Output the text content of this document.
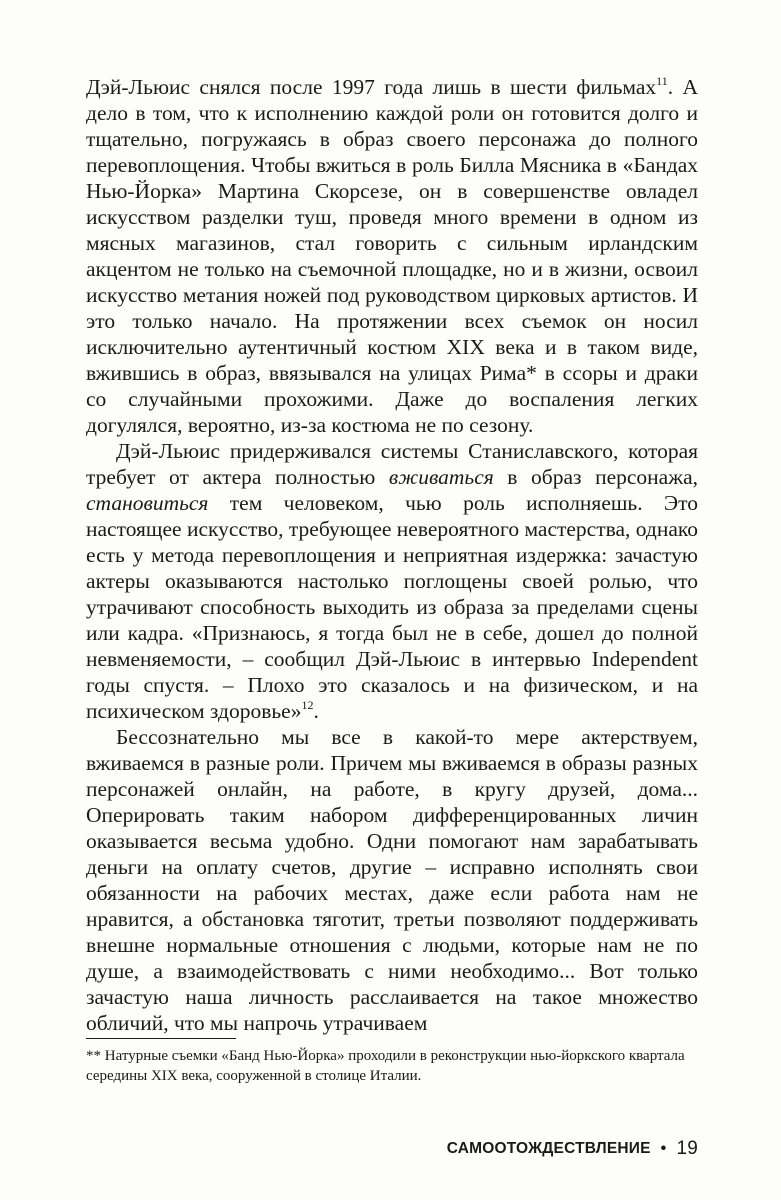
Дэй-Льюис снялся после 1997 года лишь в шести фильмах$^{11}$. А дело в том, что к исполнению каждой роли он готовится долго и тщательно, погружаясь в образ своего персонажа до полного перевоплощения. Чтобы вжиться в роль Билла Мясника в «Бандах Нью-Йорка» Мартина Скорсезе, он в совершенстве овладел искусством разделки туш, проведя много времени в одном из мясных магазинов, стал говорить с сильным ирландским акцентом не только на съемочной площадке, но и в жизни, освоил искусство метания ножей под руководством цирковых артистов. И это только начало. На протяжении всех съемок он носил исключительно аутентичный костюм XIX века и в таком виде, вжившись в образ, ввязывался на улицах Рима* в ссоры и драки со случайными прохожими. Даже до воспаления легких догулялся, вероятно, из-за костюма не по сезону.

Дэй-Льюис придерживался системы Станиславского, которая требует от актера полностью вживаться в образ персонажа, становиться тем человеком, чью роль исполняешь. Это настоящее искусство, требующее невероятного мастерства, однако есть у метода перевоплощения и неприятная издержка: зачастую актеры оказываются настолько поглощены своей ролью, что утрачивают способность выходить из образа за пределами сцены или кадра. «Признаюсь, я тогда был не в себе, дошел до полной невменяемости, – сообщил Дэй-Льюис в интервью Independent годы спустя. – Плохо это сказалось и на физическом, и на психическом здоровье»$^{12}$.

Бессознательно мы все в какой-то мере актерствуем, вживаемся в разные роли. Причем мы вживаемся в образы разных персонажей онлайн, на работе, в кругу друзей, дома... Оперировать таким набором дифференцированных личин оказывается весьма удобно. Одни помогают нам зарабатывать деньги на оплату счетов, другие – исправно исполнять свои обязанности на рабочих местах, даже если работа нам не нравится, а обстановка тяготит, третьи позволяют поддерживать внешне нормальные отношения с людьми, которые нам не по душе, а взаимодействовать с ними необходимо... Вот только зачастую наша личность расслаивается на такое множество обличий, что мы напрочь утрачиваем

** Натурные съемки «Банд Нью-Йорка» проходили в реконструкции нью-йоркского квартала середины XIX века, сооруженной в столице Италии.
САМООТОЖДЕСТВЛЕНИЕ • 19
